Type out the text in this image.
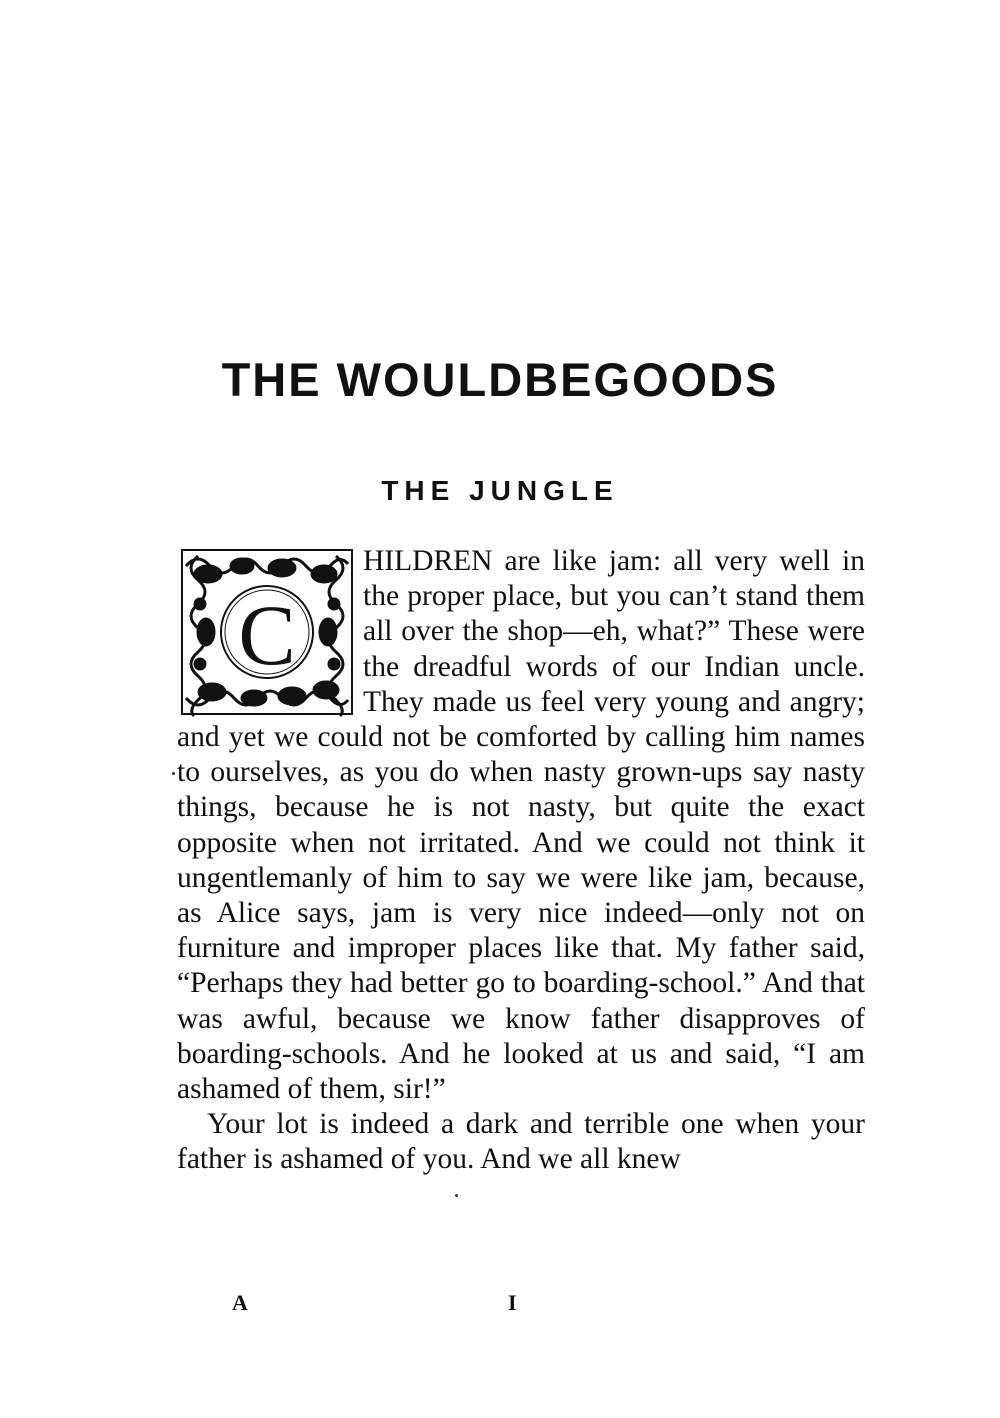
THE WOULDBEGOODS
THE JUNGLE
C

HILDREN are like jam: all very well in the proper place, but you can’t stand them all over the shop—eh, what?” These were the dreadful words of our Indian uncle. They made us feel very young and angry; and yet we could not be comforted by calling him names to ourselves, as you do when nasty grown-ups say nasty things, because he is not nasty, but quite the exact opposite when not irritated. And we could not think it ungentlemanly of him to say we were like jam, because, as Alice says, jam is very nice indeed—only not on furniture and improper places like that. My father said, “Perhaps they had better go to boarding-school.” And that was awful, because we know father disapproves of boarding-schools. And he looked at us and said, “I am ashamed of them, sir!”

Your lot is indeed a dark and terrible one when your father is ashamed of you. And we all knew

A	I
